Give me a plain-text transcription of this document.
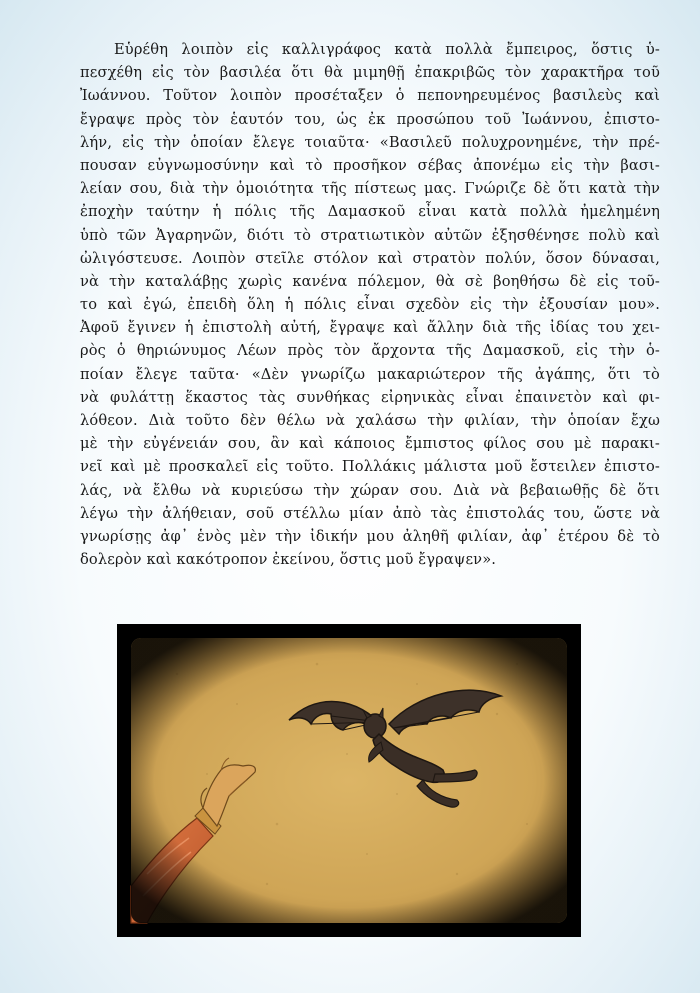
Εὑρέθη λοιπὸν εἰς καλλιγράφος κατὰ πολλὰ ἔμπειρος, ὅστις ὑ-
πεσχέθη εἰς τὸν βασιλέα ὅτι θὰ μιμηθῇ ἐπακριβῶς τὸν χαρακτῆρα τοῦ
Ἰωάννου. Τοῦτον λοιπὸν προσέταξεν ὁ πεπονηρευμένος βασιλεὺς καὶ
ἔγραψε πρὸς τὸν ἑαυτόν του, ὡς ἐκ προσώπου τοῦ Ἰωάννου, ἐπιστο-
λήν, εἰς τὴν ὁποίαν ἔλεγε τοιαῦτα· «Βασιλεῦ πολυχρονημένε, τὴν πρέ-
πουσαν εὐγνωμοσύνην καὶ τὸ προσῆκον σέβας ἀπονέμω εἰς τὴν βασι-
λείαν σου, διὰ τὴν ὁμοιότητα τῆς πίστεως μας. Γνώριζε δὲ ὅτι κατὰ τὴν
ἐποχὴν ταύτην ἡ πόλις τῆς Δαμασκοῦ εἶναι κατὰ πολλὰ ἠμελημένη
ὑπὸ τῶν Ἀγαρηνῶν, διότι τὸ στρατιωτικὸν αὐτῶν ἐξησθένησε πολὺ καὶ
ὠλιγόστευσε. Λοιπὸν στεῖλε στόλον καὶ στρατὸν πολύν, ὅσον δύνασαι,
νὰ τὴν καταλάβῃς χωρὶς κανένα πόλεμον, θὰ σὲ βοηθήσω δὲ εἰς τοῦ-
το καὶ ἐγώ, ἐπειδὴ ὅλη ἡ πόλις εἶναι σχεδὸν εἰς τὴν ἐξουσίαν μου».
Ἀφοῦ ἔγινεν ἡ ἐπιστολὴ αὐτή, ἔγραψε καὶ ἄλλην διὰ τῆς ἰδίας του χει-
ρὸς ὁ θηριώνυμος Λέων πρὸς τὸν ἄρχοντα τῆς Δαμασκοῦ, εἰς τὴν ὁ-
ποίαν ἔλεγε ταῦτα· «Δὲν γνωρίζω μακαριώτερον τῆς ἀγάπης, ὅτι τὸ
νὰ φυλάττῃ ἕκαστος τὰς συνθήκας εἰρηνικὰς εἶναι ἐπαινετὸν καὶ φι-
λόθεον. Διὰ τοῦτο δὲν θέλω νὰ χαλάσω τὴν φιλίαν, τὴν ὁποίαν ἔχω
μὲ τὴν εὐγένειάν σου, ἂν καὶ κάποιος ἔμπιστος φίλος σου μὲ παρακι-
νεῖ καὶ μὲ προσκαλεῖ εἰς τοῦτο. Πολλάκις μάλιστα μοῦ ἔστειλεν ἐπιστο-
λάς, νὰ ἔλθω νὰ κυριεύσω τὴν χώραν σου. Διὰ νὰ βεβαιωθῇς δὲ ὅτι
λέγω τὴν ἀλήθειαν, σοῦ στέλλω μίαν ἀπὸ τὰς ἐπιστολάς του, ὥστε νὰ
γνωρίσῃς ἀφ᾿ ἑνὸς μὲν τὴν ἰδικήν μου ἀληθῆ φιλίαν, ἀφ᾿ ἑτέρου δὲ τὸ
δολερὸν καὶ κακότροπον ἐκείνου, ὅστις μοῦ ἔγραψεν».
